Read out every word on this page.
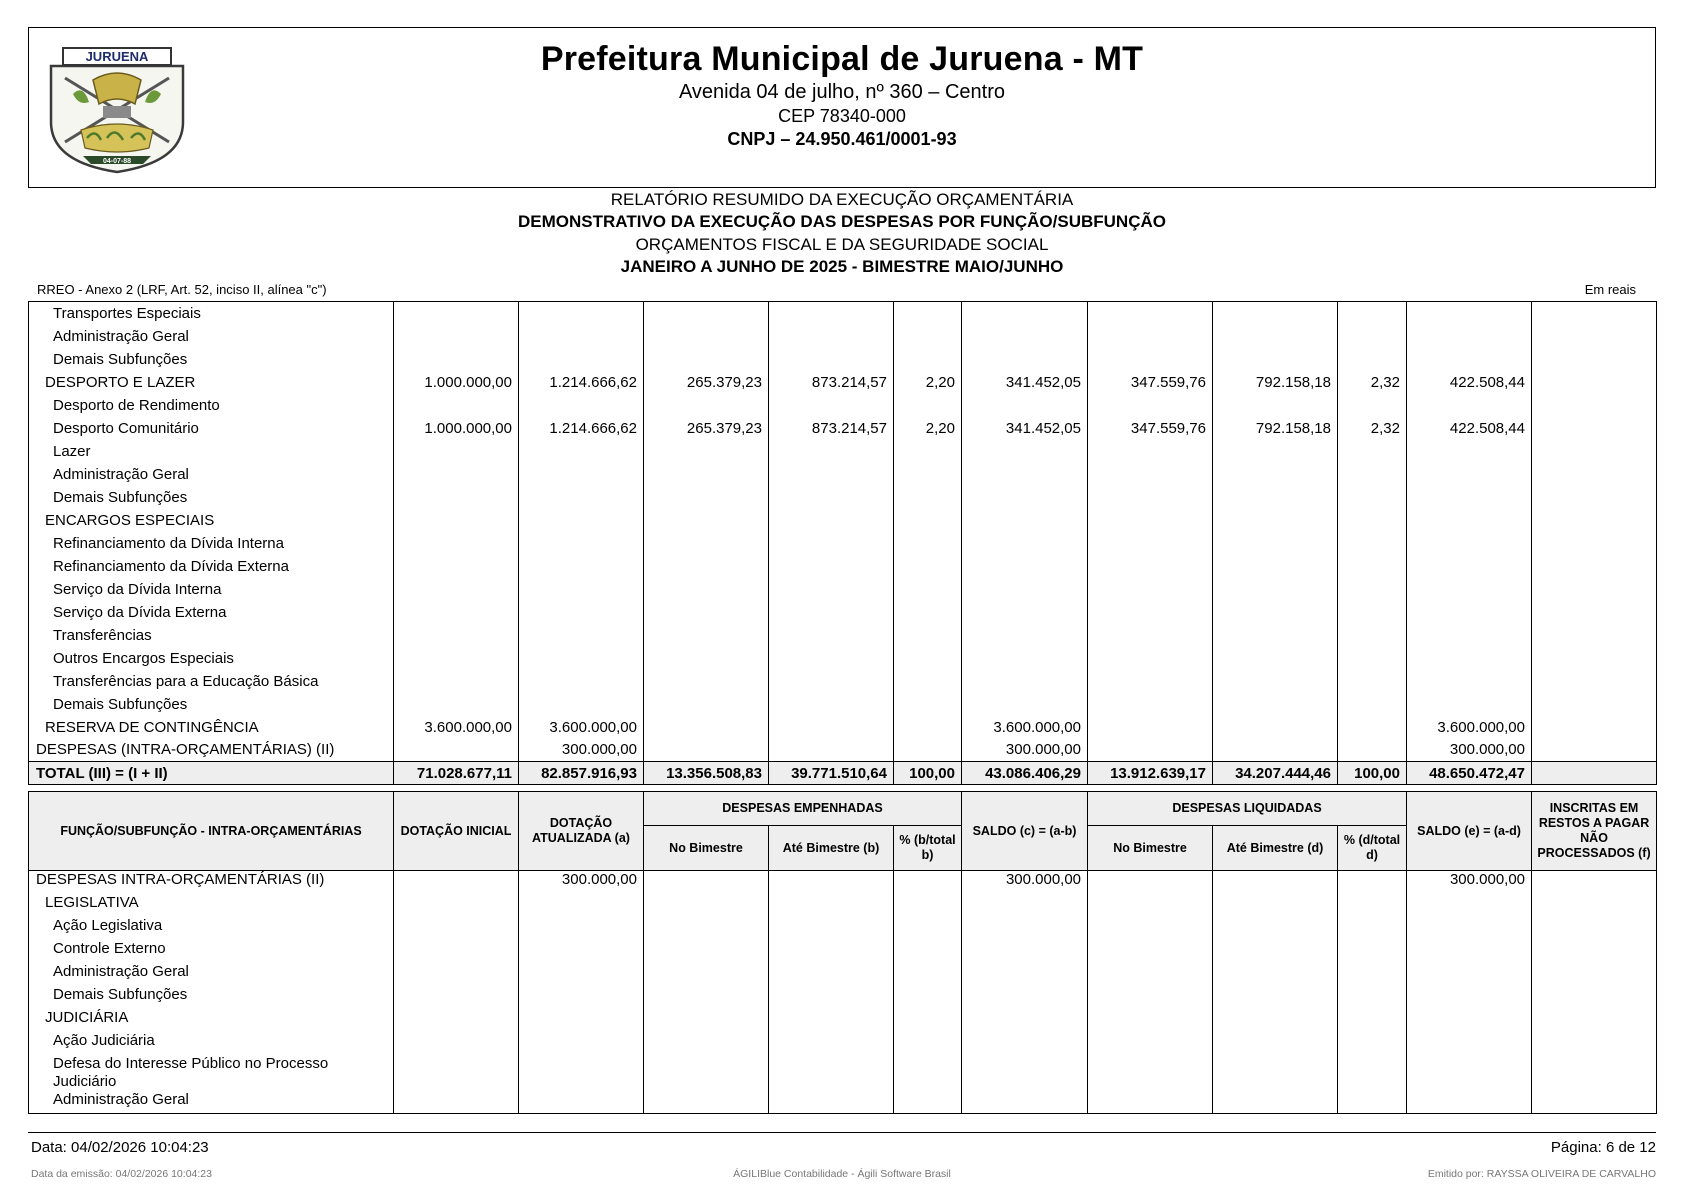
JURUENA
04-07-88
Prefeitura Municipal de Juruena - MT
Avenida 04 de julho, nº 360 – Centro
CEP 78340-000
CNPJ – 24.950.461/0001-93
RELATÓRIO RESUMIDO DA EXECUÇÃO ORÇAMENTÁRIA
DEMONSTRATIVO DA EXECUÇÃO DAS DESPESAS POR FUNÇÃO/SUBFUNÇÃO
ORÇAMENTOS FISCAL E DA SEGURIDADE SOCIAL
JANEIRO A JUNHO DE 2025 - BIMESTRE MAIO/JUNHO
RREO - Anexo 2 (LRF, Art. 52, inciso II, alínea "c")	Em reais
Transportes Especiais											
Administração Geral											
Demais Subfunções											
DESPORTO E LAZER	1.000.000,00	1.214.666,62	265.379,23	873.214,57	2,20	341.452,05	347.559,76	792.158,18	2,32	422.508,44	
Desporto de Rendimento											
Desporto Comunitário	1.000.000,00	1.214.666,62	265.379,23	873.214,57	2,20	341.452,05	347.559,76	792.158,18	2,32	422.508,44	
Lazer											
Administração Geral											
Demais Subfunções											
ENCARGOS ESPECIAIS											
Refinanciamento da Dívida Interna											
Refinanciamento da Dívida Externa											
Serviço da Dívida Interna											
Serviço da Dívida Externa											
Transferências											
Outros Encargos Especiais											
Transferências para a Educação Básica											
Demais Subfunções											
RESERVA DE CONTINGÊNCIA	3.600.000,00	3.600.000,00				3.600.000,00				3.600.000,00	
DESPESAS (INTRA-ORÇAMENTÁRIAS) (II)		300.000,00				300.000,00				300.000,00	
TOTAL (III) = (I + II)	71.028.677,11	82.857.916,93	13.356.508,83	39.771.510,64	100,00	43.086.406,29	13.912.639,17	34.207.444,46	100,00	48.650.472,47	
FUNÇÃO/SUBFUNÇÃO - INTRA-ORÇAMENTÁRIAS	DOTAÇÃO INICIAL	DOTAÇÃO ATUALIZADA (a)	DESPESAS EMPENHADAS			SALDO (c) = (a-b)	DESPESAS LIQUIDADAS			SALDO (e) = (a-d)	INSCRITAS EM RESTOS A PAGAR NÃO PROCESSADOS (f)
			No Bimestre	Até Bimestre (b)	% (b/total b)		No Bimestre	Até Bimestre (d)	% (d/total d)		
DESPESAS INTRA-ORÇAMENTÁRIAS (II)		300.000,00				300.000,00				300.000,00	
LEGISLATIVA											
Ação Legislativa											
Controle Externo											
Administração Geral											
Demais Subfunções											
JUDICIÁRIA											
Ação Judiciária											
Defesa do Interesse Público no Processo Judiciário											
Administração Geral											
Data: 04/02/2026 10:04:23	Página: 6 de 12
Data da emissão: 04/02/2026 10:04:23	ÁGILIBlue Contabilidade - Ágili Software Brasil	Emitido por: RAYSSA OLIVEIRA DE CARVALHO
